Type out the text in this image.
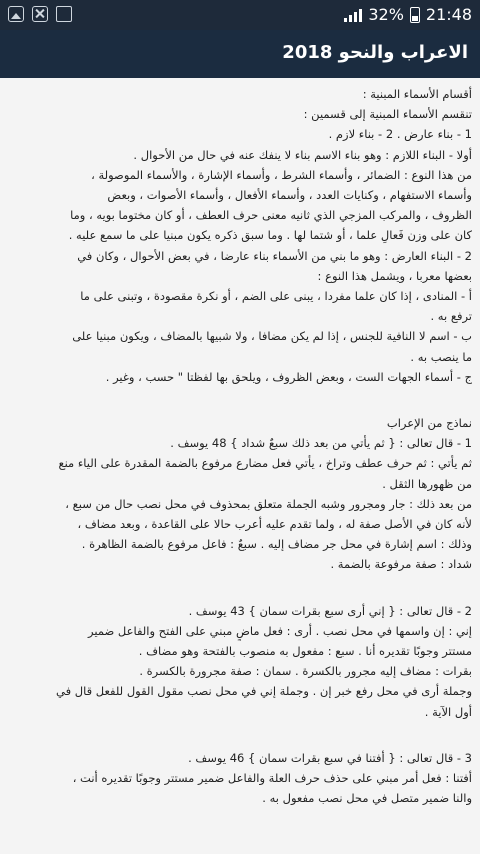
32% 21:48
الاعراب والنحو 2018

أقسام الأسماء المبنية :

تنقسم الأسماء المبنية إلى قسمين :

1 - بناء عارض . 2 - بناء لازم .

أولا - البناء اللازم : وهو بناء الاسم بناء لا ينفك عنه في حال من الأحوال .

من هذا النوع : الضمائر ، وأسماء الشرط ، وأسماء الإشارة ، والأسماء الموصولة ،

وأسماء الاستفهام ، وكنايات العدد ، وأسماء الأفعال ، وأسماء الأصوات ، وبعض

الظروف ، والمركب المزجي الذي ثانيه معنى حرف العطف ، أو كان مختوما بويه ، وما

كان على وزن فَعالِ علما ، أو شتما لها . وما سبق ذكره يكون مبنيا على ما سمع عليه .

2 - البناء العارض : وهو ما بني من الأسماء بناء عارضا ، في بعض الأحوال ، وكان في

بعضها معربا ، ويشمل هذا النوع :

أ - المنادى ، إذا كان علما مفردا ، يبنى على الضم ، أو نكرة مقصودة ، وتبنى على ما

ترفع به .

ب - اسم لا النافية للجنس ، إذا لم يكن مضافا ، ولا شبيها بالمضاف ، ويكون مبنيا على

ما ينصب به .

ج - أسماء الجهات الست ، وبعض الظروف ، ويلحق بها لفظتا " حسب ، وغير .

نماذج من الإعراب

1 - قال تعالى : { ثم يأتي من بعد ذلك سبعٌ شداد } 48 يوسف .

ثم يأتي : ثم حرف عطف وتراخ ، يأتي فعل مضارع مرفوع بالضمة المقدرة على الياء منع

من ظهورها الثقل .

من بعد ذلك : جار ومجرور وشبه الجملة متعلق بمحذوف في محل نصب حال من سبع ،

لأنه كان في الأصل صفة له ، ولما تقدم عليه أعرب حالا على القاعدة ، وبعد مضاف ،

وذلك : اسم إشارة في محل جر مضاف إليه . سبعٌ : فاعل مرفوع بالضمة الظاهرة .

شداد : صفة مرفوعة بالضمة .

2 - قال تعالى : { إني أرى سبع بقرات سمان } 43 يوسف .

إني : إن واسمها في محل نصب . أرى : فعل ماضٍ مبني على الفتح والفاعل ضمير

مستتر وجوبًا تقديره أنا . سبع : مفعول به منصوب بالفتحة وهو مضاف .

بقرات : مضاف إليه مجرور بالكسرة . سمان : صفة مجرورة بالكسرة .

وجملة أرى في محل رفع خبر إن . وجملة إني في محل نصب مقول القول للفعل قال في

أول الآية .

3 - قال تعالى : { أفتنا في سبع بقرات سمان } 46 يوسف .

أفتنا : فعل أمر مبني على حذف حرف العلة والفاعل ضمير مستتر وجوبًا تقديره أنت ،

والنا ضمير متصل في محل نصب مفعول به .
